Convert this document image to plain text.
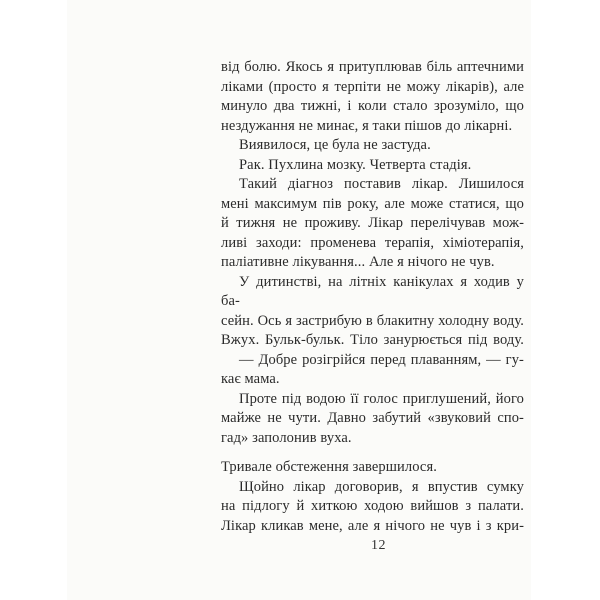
від болю. Якось я притуплював біль аптечними
ліками (просто я терпіти не можу лікарів), але
минуло два тижні, і коли стало зрозуміло, що
нездужання не минає, я таки пішов до лікарні.
Виявилося, це була не застуда.
Рак. Пухлина мозку. Четверта стадія.
Такий діагноз поставив лікар. Лишилося
мені максимум пів року, але може статися, що
й тижня не проживу. Лікар перелічував мож-
ливі заходи: променева терапія, хіміотерапія,
паліативне лікування... Але я нічого не чув.
У дитинстві, на літніх канікулах я ходив у ба-
сейн. Ось я застрибую в блакитну холодну воду.
Вжух. Бульк-бульк. Тіло занурюється під воду.
— Добре розігрійся перед плаванням, — гу-
кає мама.
Проте під водою її голос приглушений, його
майже не чути. Давно забутий «звуковий спо-
гад» заполонив вуха.
Тривале обстеження завершилося.
Щойно лікар договорив, я впустив сумку
на підлогу й хиткою ходою вийшов з палати.
Лікар кликав мене, але я нічого не чув і з кри-
12
